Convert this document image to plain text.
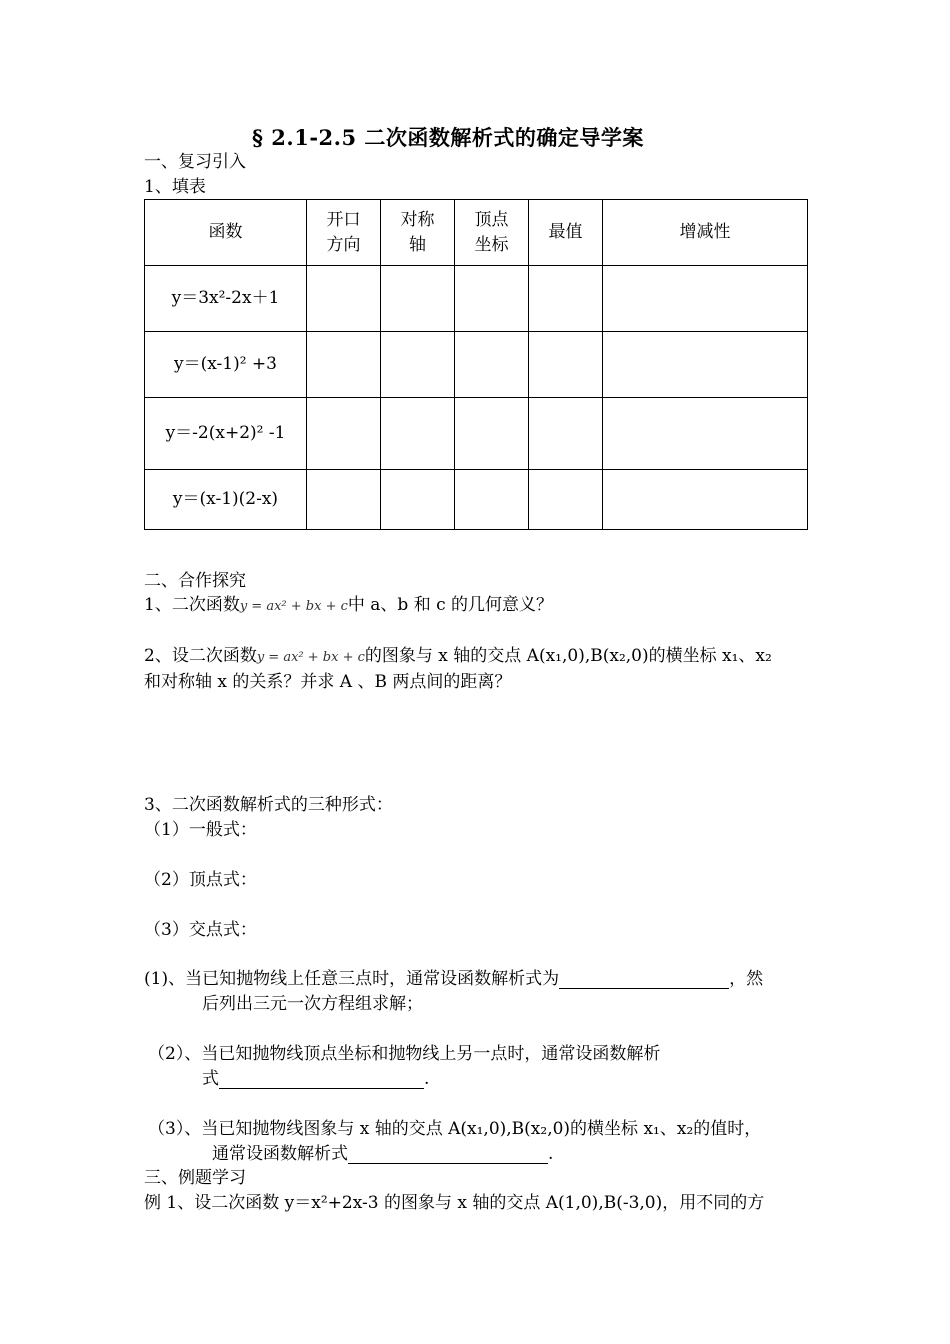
§ 2.1-2.5 二次函数解析式的确定导学案
一、复习引入
1、填表
函数	开口方向	对称轴	顶点坐标	最值	增减性
y＝3x²-2x＋1					
y＝(x-1)² +3					
y＝-2(x+2)² -1					
y＝(x-1)(2-x)					
二、合作探究
1、二次函数y = ax² + bx + c中 a、b 和 c 的几何意义？
2、设二次函数y = ax² + bx + c的图象与 x 轴的交点 A(x₁,0),B(x₂,0)的横坐标 x₁、x₂
和对称轴 x 的关系？并求 A 、B 两点间的距离？
3、二次函数解析式的三种形式：
（1）一般式：
（2）顶点式：
（3）交点式：
(1)、当已知抛物线上任意三点时，通常设函数解析式为	，然
后列出三元一次方程组求解；
（2）、当已知抛物线顶点坐标和抛物线上另一点时，通常设函数解析
式	.
（3）、当已知抛物线图象与 x 轴的交点 A(x₁,0),B(x₂,0)的横坐标 x₁、x₂的值时，
通常设函数解析式	.
三、例题学习
例 1、设二次函数 y＝x²+2x-3 的图象与 x 轴的交点 A(1,0),B(-3,0)，用不同的方
